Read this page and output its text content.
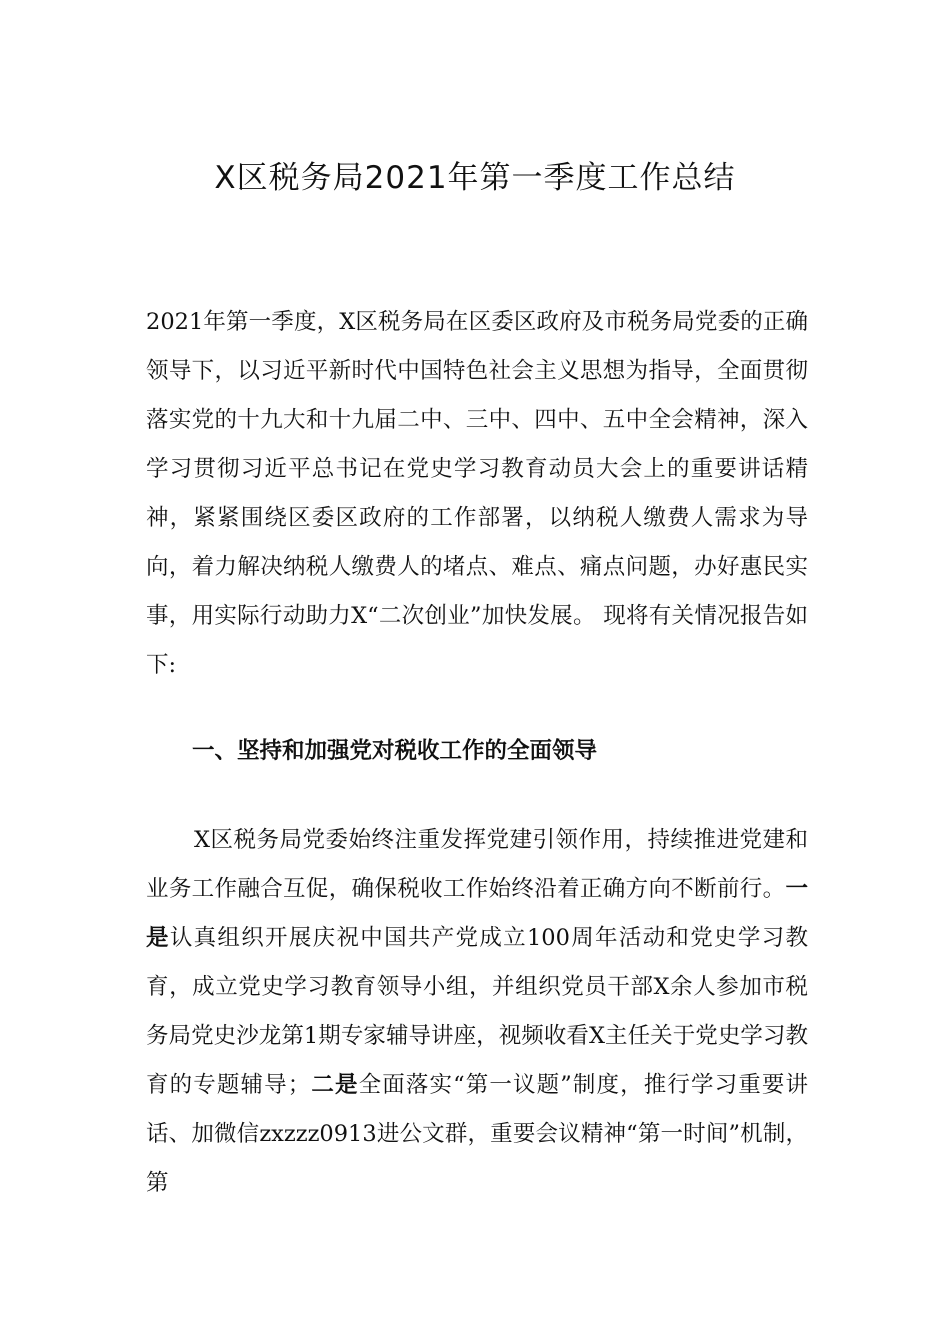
X区税务局2021年第一季度工作总结
2021年第一季度，X区税务局在区委区政府及市税务局党委的正确领导下，以习近平新时代中国特色社会主义思想为指导，全面贯彻落实党的十九大和十九届二中、三中、四中、五中全会精神，深入学习贯彻习近平总书记在党史学习教育动员大会上的重要讲话精神，紧紧围绕区委区政府的工作部署，以纳税人缴费人需求为导向，着力解决纳税人缴费人的堵点、难点、痛点问题，办好惠民实事，用实际行动助力X“二次创业”加快发展。 现将有关情况报告如下:
一、坚持和加强党对税收工作的全面领导
X区税务局党委始终注重发挥党建引领作用，持续推进党建和业务工作融合互促，确保税收工作始终沿着正确方向不断前行。一是认真组织开展庆祝中国共产党成立100周年活动和党史学习教育，成立党史学习教育领导小组，并组织党员干部X余人参加市税务局党史沙龙第1期专家辅导讲座，视频收看X主任关于党史学习教育的专题辅导；二是全面落实“第一议题”制度，推行学习重要讲话、加微信zxzzz0913进公文群，重要会议精神“第一时间”机制，第
